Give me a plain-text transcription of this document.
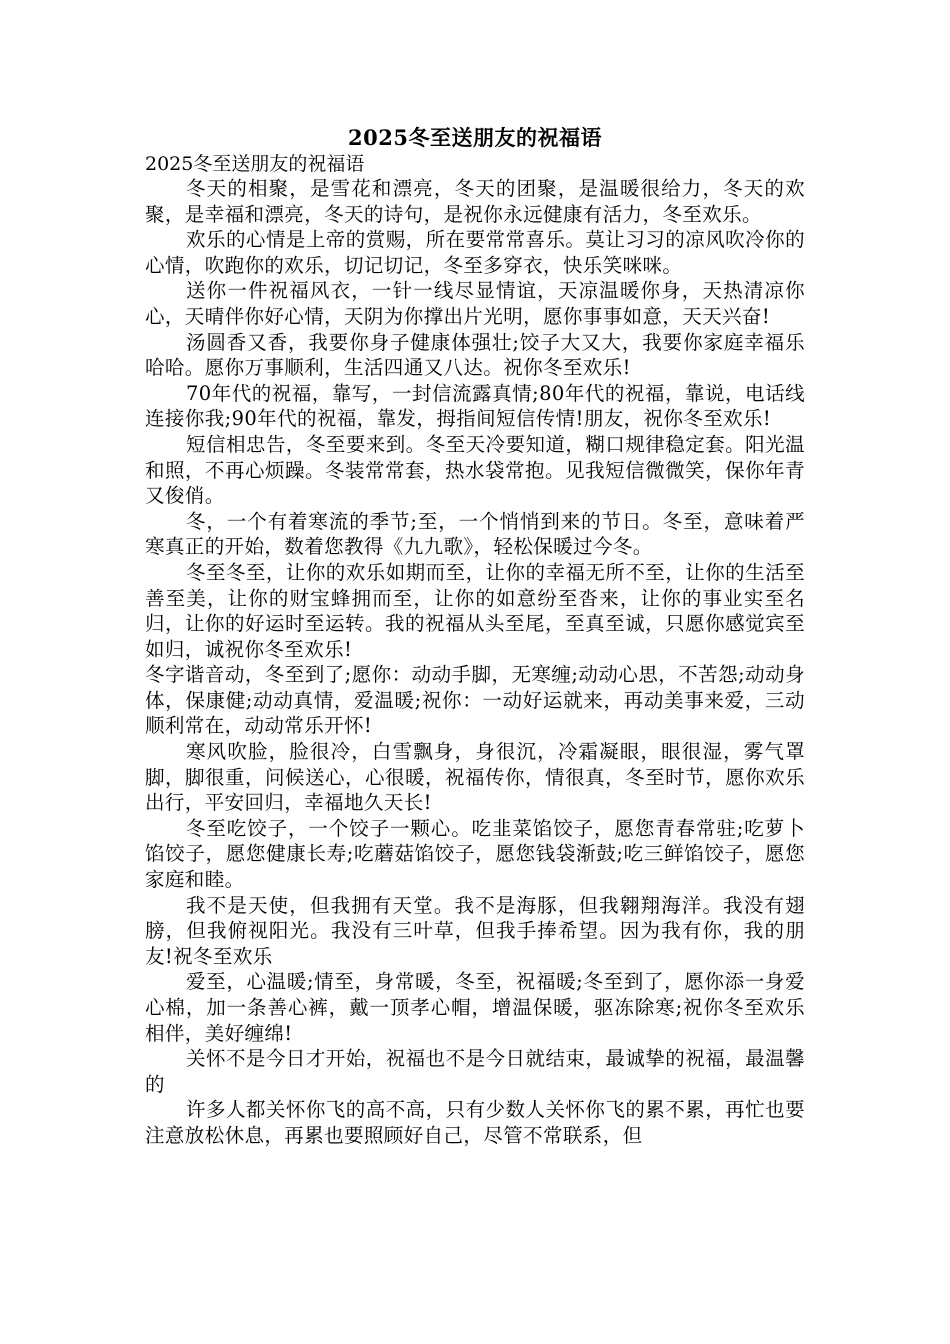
2025冬至送朋友的祝福语

2025冬至送朋友的祝福语

冬天的相聚，是雪花和漂亮，冬天的团聚，是温暖很给力，冬天的欢聚，是幸福和漂亮，冬天的诗句，是祝你永远健康有活力，冬至欢乐。

欢乐的心情是上帝的赏赐，所在要常常喜乐。莫让习习的凉风吹冷你的心情，吹跑你的欢乐，切记切记，冬至多穿衣，快乐笑咪咪。

送你一件祝福风衣，一针一线尽显情谊，天凉温暖你身，天热清凉你心，天晴伴你好心情，天阴为你撑出片光明，愿你事事如意，天天兴奋!

汤圆香又香，我要你身子健康体强壮;饺子大又大，我要你家庭幸福乐哈哈。愿你万事顺利，生活四通又八达。祝你冬至欢乐!

70年代的祝福，靠写，一封信流露真情;80年代的祝福，靠说，电话线连接你我;90年代的祝福，靠发，拇指间短信传情!朋友，祝你冬至欢乐!

短信相忠告，冬至要来到。冬至天冷要知道，糊口规律稳定套。阳光温和照，不再心烦躁。冬装常常套，热水袋常抱。见我短信微微笑，保你年青又俊俏。

冬，一个有着寒流的季节;至，一个悄悄到来的节日。冬至，意味着严寒真正的开始，数着您教得《九九歌》，轻松保暖过今冬。

冬至冬至，让你的欢乐如期而至，让你的幸福无所不至，让你的生活至善至美，让你的财宝蜂拥而至，让你的如意纷至沓来，让你的事业实至名归，让你的好运时至运转。我的祝福从头至尾，至真至诚，只愿你感觉宾至如归，诚祝你冬至欢乐!

冬字谐音动，冬至到了;愿你：动动手脚，无寒缠;动动心思，不苦怨;动动身体，保康健;动动真情，爱温暖;祝你：一动好运就来，再动美事来爱，三动顺利常在，动动常乐开怀!

寒风吹脸，脸很冷，白雪飘身，身很沉，冷霜凝眼，眼很湿，雾气罩脚，脚很重，问候送心，心很暖，祝福传你，情很真，冬至时节，愿你欢乐出行，平安回归，幸福地久天长!

冬至吃饺子，一个饺子一颗心。吃韭菜馅饺子，愿您青春常驻;吃萝卜馅饺子，愿您健康长寿;吃蘑菇馅饺子，愿您钱袋渐鼓;吃三鲜馅饺子，愿您家庭和睦。

我不是天使，但我拥有天堂。我不是海豚，但我翱翔海洋。我没有翅膀，但我俯视阳光。我没有三叶草，但我手捧希望。因为我有你，我的朋友!祝冬至欢乐

爱至，心温暖;情至，身常暖，冬至，祝福暖;冬至到了，愿你添一身爱心棉，加一条善心裤，戴一顶孝心帽，增温保暖，驱冻除寒;祝你冬至欢乐相伴，美好缠绵!

关怀不是今日才开始，祝福也不是今日就结束，最诚挚的祝福，最温馨的

许多人都关怀你飞的高不高，只有少数人关怀你飞的累不累，再忙也要注意放松休息，再累也要照顾好自己，尽管不常联系，但
